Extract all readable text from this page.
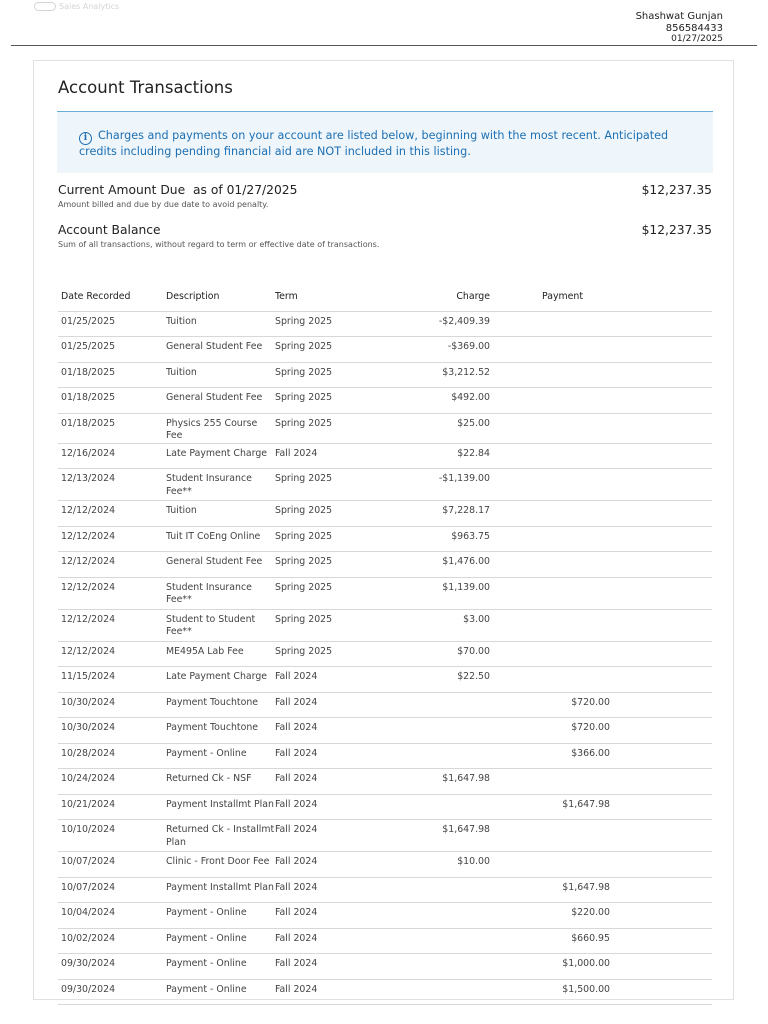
Sales Analytics
Shashwat Gunjan
856584433
01/27/2025
Account Transactions
i Charges and payments on your account are listed below, beginning with the most recent. Anticipated credits including pending financial aid are NOT included in this listing.
Current Amount Due  as of 01/27/2025	$12,237.35
Amount billed and due by due date to avoid penalty.
Account Balance	$12,237.35
Sum of all transactions, without regard to term or effective date of transactions.
Date Recorded	Description	Term	Charge	Payment	
01/25/2025	Tuition	Spring 2025	-$2,409.39		
01/25/2025	General Student Fee	Spring 2025	-$369.00		
01/18/2025	Tuition	Spring 2025	$3,212.52		
01/18/2025	General Student Fee	Spring 2025	$492.00		
01/18/2025	Physics 255 Course Fee	Spring 2025	$25.00		
12/16/2024	Late Payment Charge	Fall 2024	$22.84		
12/13/2024	Student Insurance Fee**	Spring 2025	-$1,139.00		
12/12/2024	Tuition	Spring 2025	$7,228.17		
12/12/2024	Tuit IT CoEng Online	Spring 2025	$963.75		
12/12/2024	General Student Fee	Spring 2025	$1,476.00		
12/12/2024	Student Insurance Fee**	Spring 2025	$1,139.00		
12/12/2024	Student to Student Fee**	Spring 2025	$3.00		
12/12/2024	ME495A Lab Fee	Spring 2025	$70.00		
11/15/2024	Late Payment Charge	Fall 2024	$22.50		
10/30/2024	Payment Touchtone	Fall 2024		$720.00	
10/30/2024	Payment Touchtone	Fall 2024		$720.00	
10/28/2024	Payment - Online	Fall 2024		$366.00	
10/24/2024	Returned Ck - NSF	Fall 2024	$1,647.98		
10/21/2024	Payment Installmt Plan	Fall 2024		$1,647.98	
10/10/2024	Returned Ck - Installmt Plan	Fall 2024	$1,647.98		
10/07/2024	Clinic - Front Door Fee	Fall 2024	$10.00		
10/07/2024	Payment Installmt Plan	Fall 2024		$1,647.98	
10/04/2024	Payment - Online	Fall 2024		$220.00	
10/02/2024	Payment - Online	Fall 2024		$660.95	
09/30/2024	Payment - Online	Fall 2024		$1,000.00	
09/30/2024	Payment - Online	Fall 2024		$1,500.00	
